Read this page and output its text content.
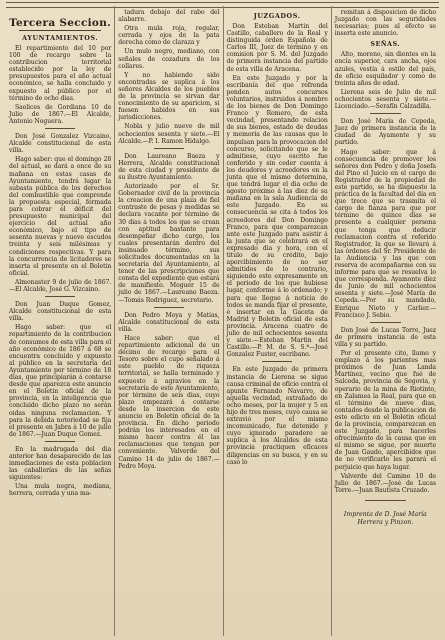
Tercera Seccion.
AYUNTAMIENTOS.

El repartimiento del 10 por 100 de recargo sobre la contribucion territorial establecido por la ley de presupuestos para el año actual económico, se halla concluido y expuesto al público por el término de ocho dias.

Saelices de Gordiana 10 de Julio de 1867.—El Alcalde, Antonio Noguera.

Don José Gonzalez Vizcaino, Alcalde constitucional de esta villa.

Hago saber: que el domingo 28 del actual, se dará a once de su mañana en estas casas de Ayuntamiento, tendrá lugar la subasta pública de los derechos del combustible que comprende la propuesta especial, formada para cobrar el déficit del presupuesto municipal del ejercicio del actual año económico, bajo el tipo de sesenta nuevas y nueve escudos treinta y seis milésimas y condiciones respectivas. Y para la concurrencia de licitadores se inserta el presente en el Boletin oficial.

Almonaster 9 de julio de 1867.—El Alcalde, José G. Vizcaino.

Don Juan Duque Gomez, Alcalde constitucional de esta villa.

Hago saber: que el repartimiento de la contribucion de consumos de esta villa para el año económico de 1867 á 68 se encuentra concluido y expuesto al público en la secretaría del Ayuntamiento por término de 18 dias, que principiarán á contarse desde que aparezca este anuncio en el Boletin oficial de la provincia, en la inteligencia que concluido dicho plazo no serán oidas ninguna reclamacion. Y para la debida notoriedad se fija el presente en Jabra á 10 de julio de 1867.—Juan Duque Gomez.

En la madrugada del dia anterior han desaparecido de las inmediaciones de esta poblacion las caballerías de las señas siguientes:

Una mula negra, mediana, herrera, cerrada y una ma-

tadura debajo del rabo del alabarre.

Otra mula roja, regular, cerrada y ojos de la pata derecha como de claraza y

Un mulo negro, mediano, con señales de cozadura de los collares.

Y no habiendo sido encontradas se suplica á los señores Alcaldes de los pueblos de la provincia se sirvan dar conocimiento de su aparicion, si fuesen habidos en sus jurisdicciones.

Nobla y julio nueve de mil ochocientos sesenta y siete.—El Alcalde.—P. I. Ramon Hidalgo.

Don Laureano Baeza y Herrera, Alcalde constitucional de esta ciudad y presidente de su ilustre Ayuntamiento.

Autorizado por el Sr. Gobernador civil de la provincia la creacion de una plaza de fiel contraste de pesas y medidas se declara vacante por término de 30 dias á todos los que se crean con aptitud bastante para desempeñar dicho cargo, los cuales presentarán dentro del insinuado término, sus solicitudes documentadas en la secretaría del Ayuntamiento, al tenor de las prescripciones que consta del expediente que estará de manifiesto. Moguer 15 de julio de 1867.—Laureano Baeza.—Tomás Rodriguez, secretario.

Don Pedro Moya y Matías, Alcalde constitucional de esta villa.

Hace saber: que el repartimiento adicional de un décimo de recargo para el Tesoro sobre el cupo señalado á este pueblo de riqueza territorial, se halla terminado y expuesto á agravios en la secretaría de este Ayuntamiento, por término de seis dias, cuyo plazo empezará á contarse desde la insercion de este anuncio en Boletin oficial de la provincia. En dicho periodo podrán los interesados en el mismo hacer contra él las reclamaciones que tengan por conveniente. Valverde del Camino 14 de julio de 1867.—Pedro Moya.

JUZGADOS.

Don Esteban Martin del Castillo, caballero de la Real y distinguida órden Española de Carlos III, Juez de término y en comision por S. M. del Juzgado de primera instancia del partido de esta villa de Aracena.

En este Juzgado y por la escribanía del que refrenda penden autos concursos voluntarios, instruidos á nombre de los bienes de Don Domingo Franco y Romero, de esta vecindad, presentando relacion de sus bienes, estado de deudas y memoria de las causas que le impulsan para la provocacion del concurso, solicitando que se le admitiese, cuyo escrito fue conferido y sin ceder cuenta á los deudores y acreedores en la junta que el mismo determina, que tendrá lugar el dia ocho de agosto próximo á las diez de su mañana en la sala Audiencia de este Juzgado. En su consecuencia se cita á todos los acreedores del Don Domingo Franco, para que comparezcan ante este Juzgado para asistir á la junta que se celebrará en el expresado dia y hora, con el titulo de su crédito, bajo apercibimiento de no ser admitidos de lo contrario, siguiendo este expresamente en el periodo de los que hubiese lugar, conforme á lo ordenado; y para que llegue á noticia de todos se manda fijar el presente, é insertar en la Gaceta de Madrid y Boletin oficial de esta provincia. Aracena cuatro de julio de mil ochocientos sesenta y siete.—Esteban Martin del Castillo.—P. M. de S. S.ª—José Gonzalez Fuster, escribano.

En este Juzgado de primera instancia de Lierena se sigue causa criminal de oficio contra el apunte Fernando Navarro, de aquella vecindad, extrañado de ocho meses, por la mujer y 5 en hijo de tres meses, cuyo causa se extravió por el mismo incomunicado, fue detenido y cuyo ignorado paradero se suplica á los Alcaldes de esta provincia practiquen eficaces diligencias en su busca, y en su caso lo

remitan á disposicion de dicho Juzgado con las seguridades necesarias; pues al efecto se inserta este anuncio.

SEÑAS.

Alto, moreno, sin dientes en la encía superior, cara ancha, ojos azules, vestía á estilo del país, de oficio esquilador y como de treinta años de edad.

Lierena seis de Julio de mil ochocientos sesenta y siete.—Licenciado.—Serafín Calzadilla.

Don José María de Cepeda, Juez de primera instancia de la ciudad de Ayamonte y su partido.

Hago saber: que á consecuencia de promover los señores don Pedro y doña Josefa del Pino el Juicio en el cargo de Registrador de la propiedad de este partido, se ha dispuesto la práctica de la facultad del día en que trece que se trasmita el cargo de fianza para que por término de quince días se presente a cualquier persona que tenga que deducir reclamacion contra el referido Registrador, la que se llevará á las órdenes del Sr. Presidente de la Audiencia y las que con reserva de acompañarme con su informe para que se resuelva lo que corresponda. Ayamonte diez de Junio de mil ochocientos sesenta y siete.—José María de Cepeda.—Por su mandado, Enrique Nieto y Carlier.—Francisco J. Sebio.

Don José de Lucas Torre, Juez de primera instancia de esta villa y su partido.

Por el presente cito, llamo y emplazo á los parientes mas próximos de Juan Landa Martínez, vecino que fué de Salceda, provincia de Segovia, y operario de la mina de Riotinto, en Zalamea la Real, para que en el término de nueve dias, contados desde la publicacion de este edicto en el Boletin oficial de la provincia, comparezcan en este Juzgado, para hacerles ofrecimiento de la causa que en el mismo se sigue, por muerte de Juan Gaudo, apercibidos que de no verificarlo les parará el perjuicio que haya lugar.

Valverde del Camino 10 de Julio de 1867.—José de Lucas Torre.—Juan Bautista Cruzado.

Imprenta de D. José María
Herrera y Pinzon.
